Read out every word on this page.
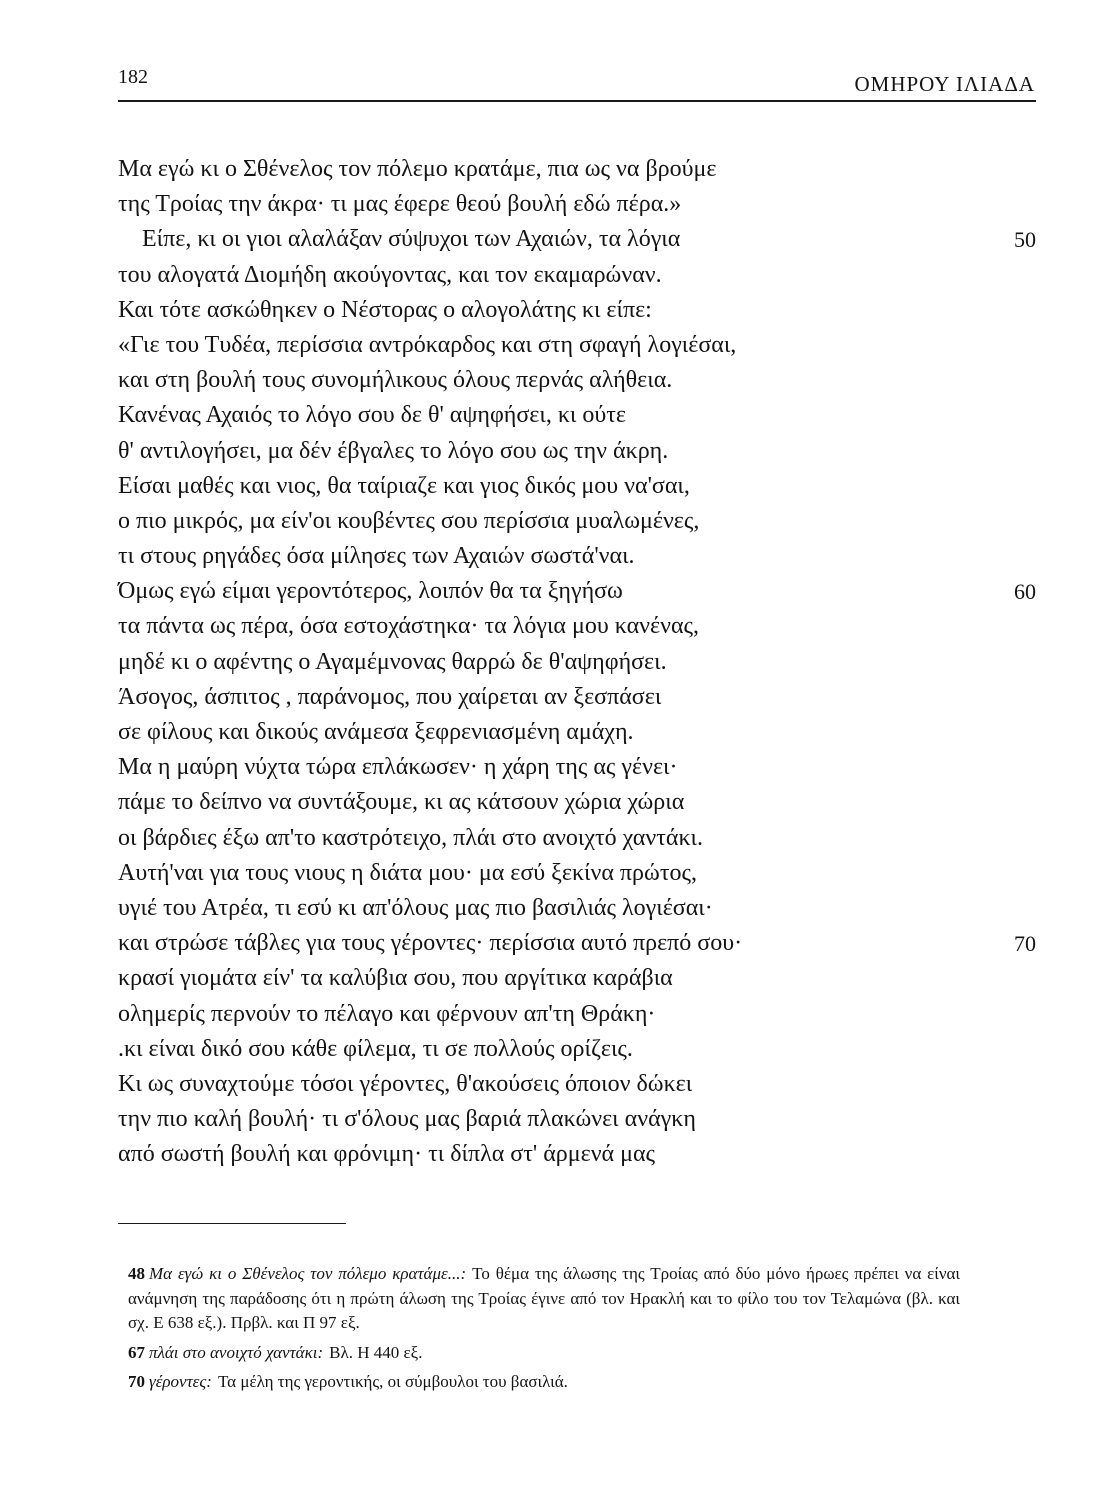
182	ΟΜΗΡΟΥ ΙΛΙΑΔΑ
Μα εγώ κι ο Σθένελος τον πόλεμο κρατάμε, πια ως να βρούμε
της Τροίας την άκρα· τι μας έφερε θεού βουλή εδώ πέρα.»
Είπε, κι οι γιοι αλαλάξαν σύψυχοι των Αχαιών, τα λόγια	50
του αλογατά Διομήδη ακούγοντας, και τον εκαμαρώναν.
Και τότε ασκώθηκεν ο Νέστορας ο αλογολάτης κι είπε:
«Γιε του Τυδέα, περίσσια αντρόκαρδος και στη σφαγή λογιέσαι,
και στη βουλή τους συνομήλικους όλους περνάς αλήθεια.
Κανένας Αχαιός το λόγο σου δε θ' αψηφήσει, κι ούτε
θ' αντιλογήσει, μα δέν έβγαλες το λόγο σου ως την άκρη.
Είσαι μαθές και νιος, θα ταίριαζε και γιος δικός μου να'σαι,
ο πιο μικρός, μα είν'οι κουβέντες σου περίσσια μυαλωμένες,
τι στους ρηγάδες όσα μίλησες των Αχαιών σωστά'ναι.
Όμως εγώ είμαι γεροντότερος, λοιπόν θα τα ξηγήσω	60
τα πάντα ως πέρα, όσα εστοχάστηκα· τα λόγια μου κανένας,
μηδέ κι ο αφέντης ο Αγαμέμνονας θαρρώ δε θ'αψηφήσει.
Άσογος, άσπιτος , παράνομος, που χαίρεται αν ξεσπάσει
σε φίλους και δικούς ανάμεσα ξεφρενιασμένη αμάχη.
Μα η μαύρη νύχτα τώρα επλάκωσεν· η χάρη της ας γένει·
πάμε το δείπνο να συντάξουμε, κι ας κάτσουν χώρια χώρια
οι βάρδιες έξω απ'το καστρότειχο, πλάι στο ανοιχτό χαντάκι.
Αυτή'ναι για τους νιους η διάτα μου· μα εσύ ξεκίνα πρώτος,
υγιέ του Ατρέα, τι εσύ κι απ'όλους μας πιο βασιλιάς λογιέσαι·
και στρώσε τάβλες για τους γέροντες· περίσσια αυτό πρεπό σου·	70
κρασί γιομάτα είν' τα καλύβια σου, που αργίτικα καράβια
ολημερίς περνούν το πέλαγο και φέρνουν απ'τη Θράκη·
.κι είναι δικό σου κάθε φίλεμα, τι σε πολλούς ορίζεις.
Κι ως συναχτούμε τόσοι γέροντες, θ'ακούσεις όποιον δώκει
την πιο καλή βουλή· τι σ'όλους μας βαριά πλακώνει ανάγκη
από σωστή βουλή και φρόνιμη· τι δίπλα στ' άρμενά μας
48 Μα εγώ κι ο Σθένελος τον πόλεμο κρατάμε...: Το θέμα της άλωσης της Τροίας από δύο μόνο ήρωες πρέπει να είναι ανάμνηση της παράδοσης ότι η πρώτη άλωση της Τροίας έγινε από τον Ηρακλή και το φίλο του τον Τελαμώνα (βλ. και σχ. Ε 638 εξ.). Πρβλ. και Π 97 εξ.
67 πλάι στο ανοιχτό χαντάκι: Βλ. Η 440 εξ.
70 γέροντες: Τα μέλη της γεροντικής, οι σύμβουλοι του βασιλιά.
